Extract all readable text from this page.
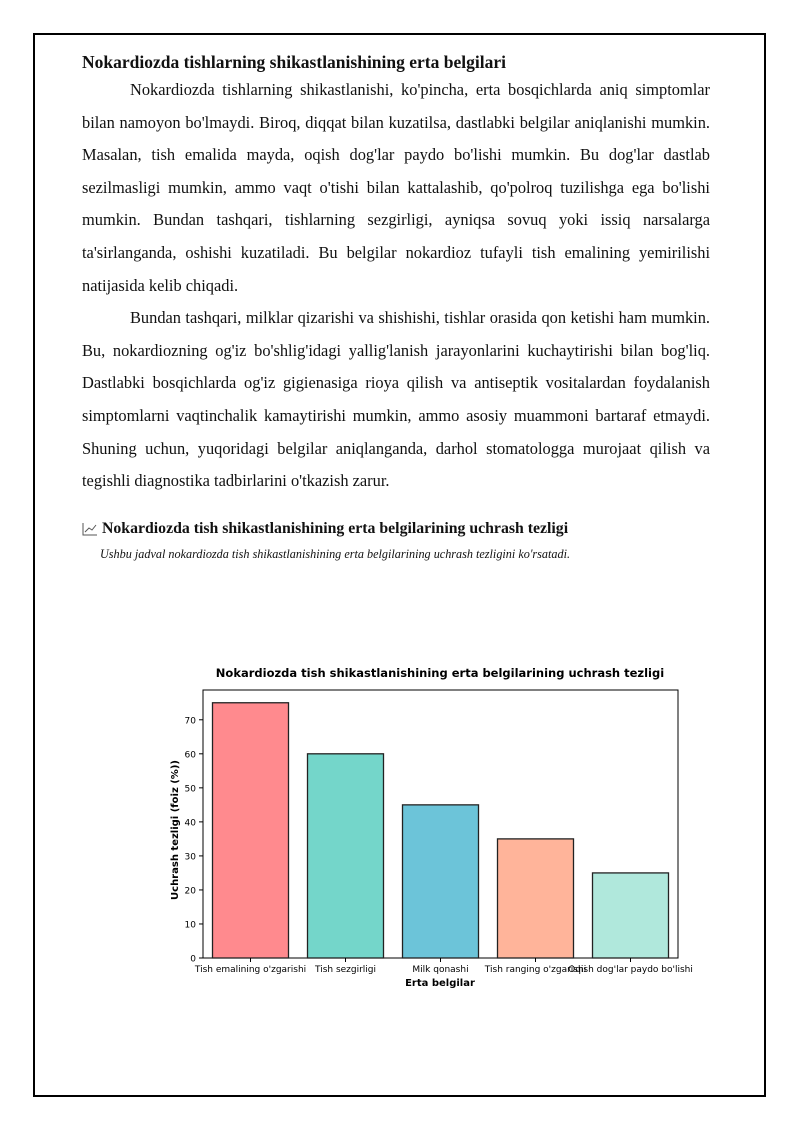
Nokardiozda tishlarning shikastlanishining erta belgilari

Nokardiozda tishlarning shikastlanishi, ko'pincha, erta bosqichlarda aniq simptomlar bilan namoyon bo'lmaydi. Biroq, diqqat bilan kuzatilsa, dastlabki belgilar aniqlanishi mumkin. Masalan, tish emalida mayda, oqish dog'lar paydo bo'lishi mumkin. Bu dog'lar dastlab sezilmasligi mumkin, ammo vaqt o'tishi bilan kattalashib, qo'polroq tuzilishga ega bo'lishi mumkin. Bundan tashqari, tishlarning sezgirligi, ayniqsa sovuq yoki issiq narsalarga ta'sirlanganda, oshishi kuzatiladi. Bu belgilar nokardioz tufayli tish emalining yemirilishi natijasida kelib chiqadi.

Bundan tashqari, milklar qizarishi va shishishi, tishlar orasida qon ketishi ham mumkin. Bu, nokardiozning og'iz bo'shlig'idagi yallig'lanish jarayonlarini kuchaytirishi bilan bog'liq. Dastlabki bosqichlarda og'iz gigienasiga rioya qilish va antiseptik vositalardan foydalanish simptomlarni vaqtinchalik kamaytirishi mumkin, ammo asosiy muammoni bartaraf etmaydi. Shuning uchun, yuqoridagi belgilar aniqlanganda, darhol stomatologga murojaat qilish va tegishli diagnostika tadbirlarini o'tkazish zarur.

Nokardiozda tish shikastlanishining erta belgilarining uchrash tezligi
Ushbu jadval nokardiozda tish shikastlanishining erta belgilarining uchrash tezligini ko'rsatadi.
Nokardiozda tish shikastlanishining erta belgilarining uchrash tezligi
Erta belgilar
Uchrash tezligi (foiz (%))
0
10
20
30
40
50
60
70
Tish emalining o'zgarishi Tish sezgirligi	Milk qonashi Tish ranging o'zgarishi
Oqish dog'lar paydo bo'lishi
